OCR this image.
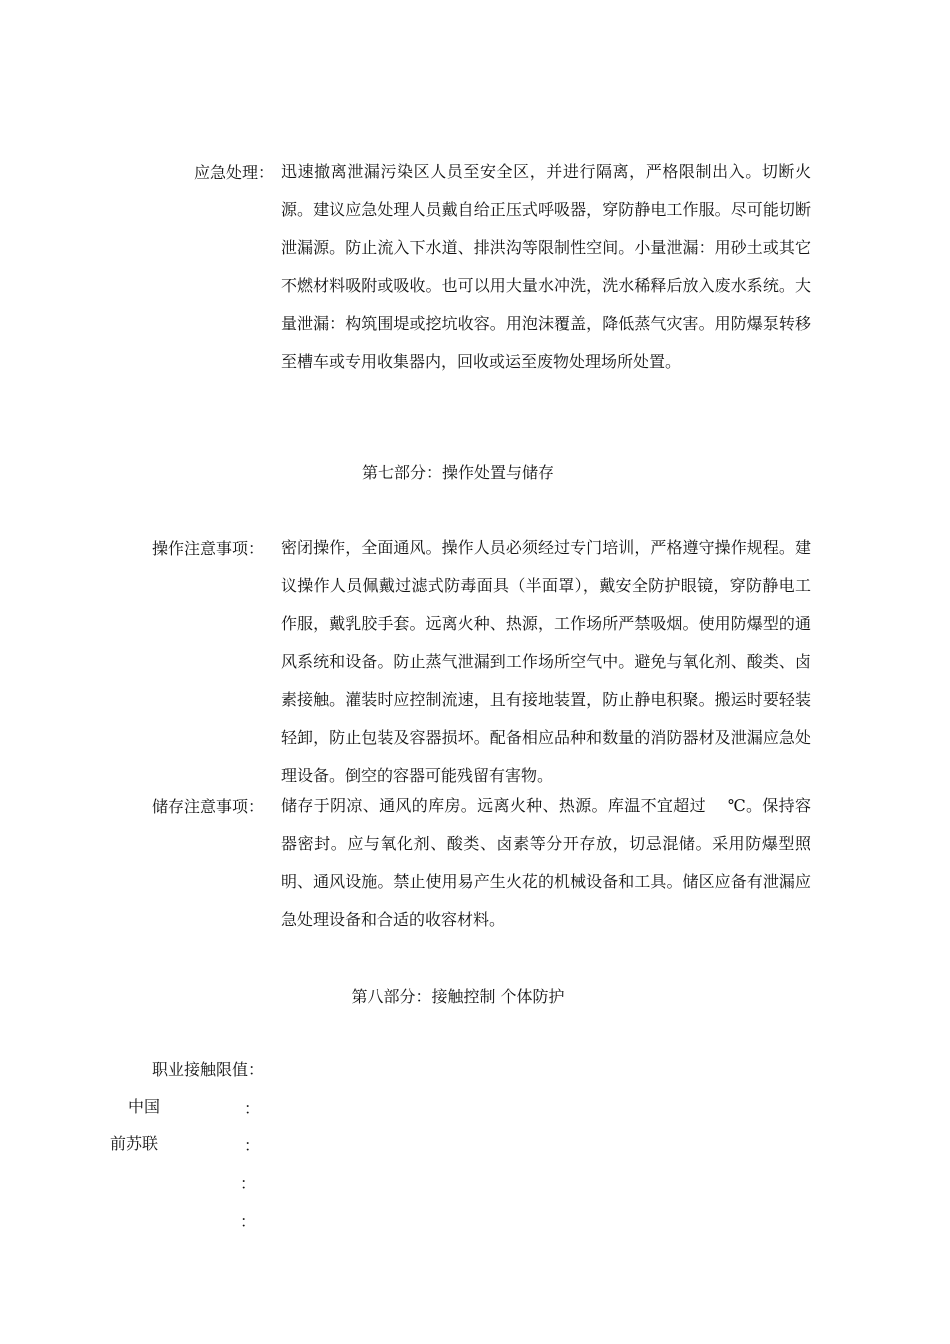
应急处理： 迅速撤离泄漏污染区人员至安全区，并进行隔离，严格限制出入。切断火源。建议应急处理人员戴自给正压式呼吸器，穿防静电工作服。尽可能切断泄漏源。防止流入下水道、排洪沟等限制性空间。小量泄漏：用砂土或其它不燃材料吸附或吸收。也可以用大量水冲洗，洗水稀释后放入废水系统。大量泄漏：构筑围堤或挖坑收容。用泡沫覆盖，降低蒸气灾害。用防爆泵转移至槽车或专用收集器内，回收或运至废物处理场所处置。
第七部分：操作处置与储存
操作注意事项： 密闭操作，全面通风。操作人员必须经过专门培训，严格遵守操作规程。建议操作人员佩戴过滤式防毒面具（半面罩），戴安全防护眼镜，穿防静电工作服，戴乳胶手套。远离火种、热源，工作场所严禁吸烟。使用防爆型的通风系统和设备。防止蒸气泄漏到工作场所空气中。避免与氧化剂、酸类、卤素接触。灌装时应控制流速，且有接地装置，防止静电积聚。搬运时要轻装轻卸，防止包装及容器损坏。配备相应品种和数量的消防器材及泄漏应急处理设备。倒空的容器可能残留有害物。
储存注意事项： 储存于阴凉、通风的库房。远离火种、热源。库温不宜超过　 ℃。保持容器密封。应与氧化剂、酸类、卤素等分开存放，切忌混储。采用防爆型照明、通风设施。禁止使用易产生火花的机械设备和工具。储区应备有泄漏应急处理设备和合适的收容材料。
第八部分：接触控制 个体防护
职业接触限值：
中国	：
前苏联	：
：
：
